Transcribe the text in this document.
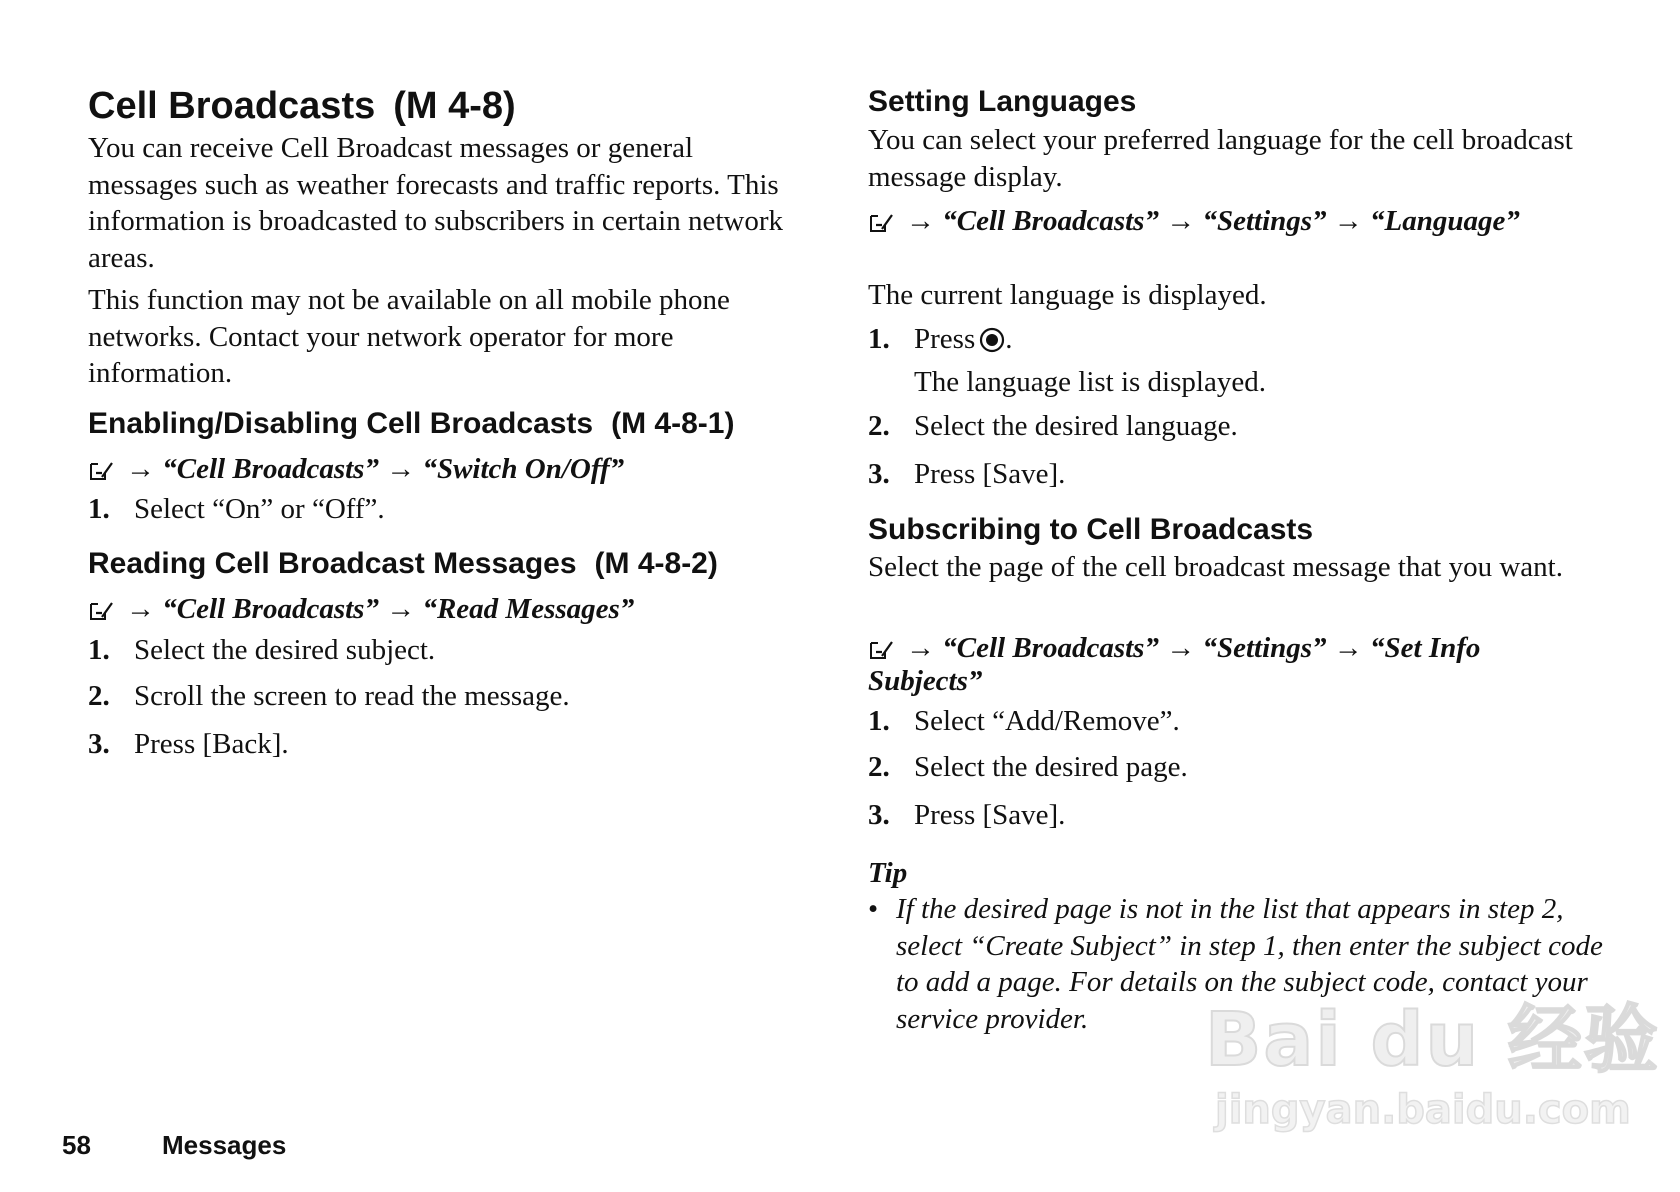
Cell Broadcasts (M 4-8)
You can receive Cell Broadcast messages or general messages such as weather forecasts and traffic reports. This information is broadcasted to subscribers in certain network areas.
This function may not be available on all mobile phone networks. Contact your network operator for more information.
Enabling/Disabling Cell Broadcasts (M 4-8-1)
→ “Cell Broadcasts” → “Switch On/Off”
1. Select “On” or “Off”.
Reading Cell Broadcast Messages (M 4-8-2)
→ “Cell Broadcasts” → “Read Messages”
1. Select the desired subject.
2. Scroll the screen to read the message.
3. Press [Back].
Setting Languages
You can select your preferred language for the cell broadcast message display.
→ “Cell Broadcasts” → “Settings” → “Language”
The current language is displayed.
1. Press .
The language list is displayed.
2. Select the desired language.
3. Press [Save].
Subscribing to Cell Broadcasts
Select the page of the cell broadcast message that you want.
→ “Cell Broadcasts” → “Settings” → “Set Info Subjects”
1. Select “Add/Remove”.
2. Select the desired page.
3. Press [Save].
Tip
• If the desired page is not in the list that appears in step 2, select “Create Subject” in step 1, then enter the subject code to add a page. For details on the subject code, contact your service provider.
58	Messages
Bai du 经验
jingyan.baidu.com
